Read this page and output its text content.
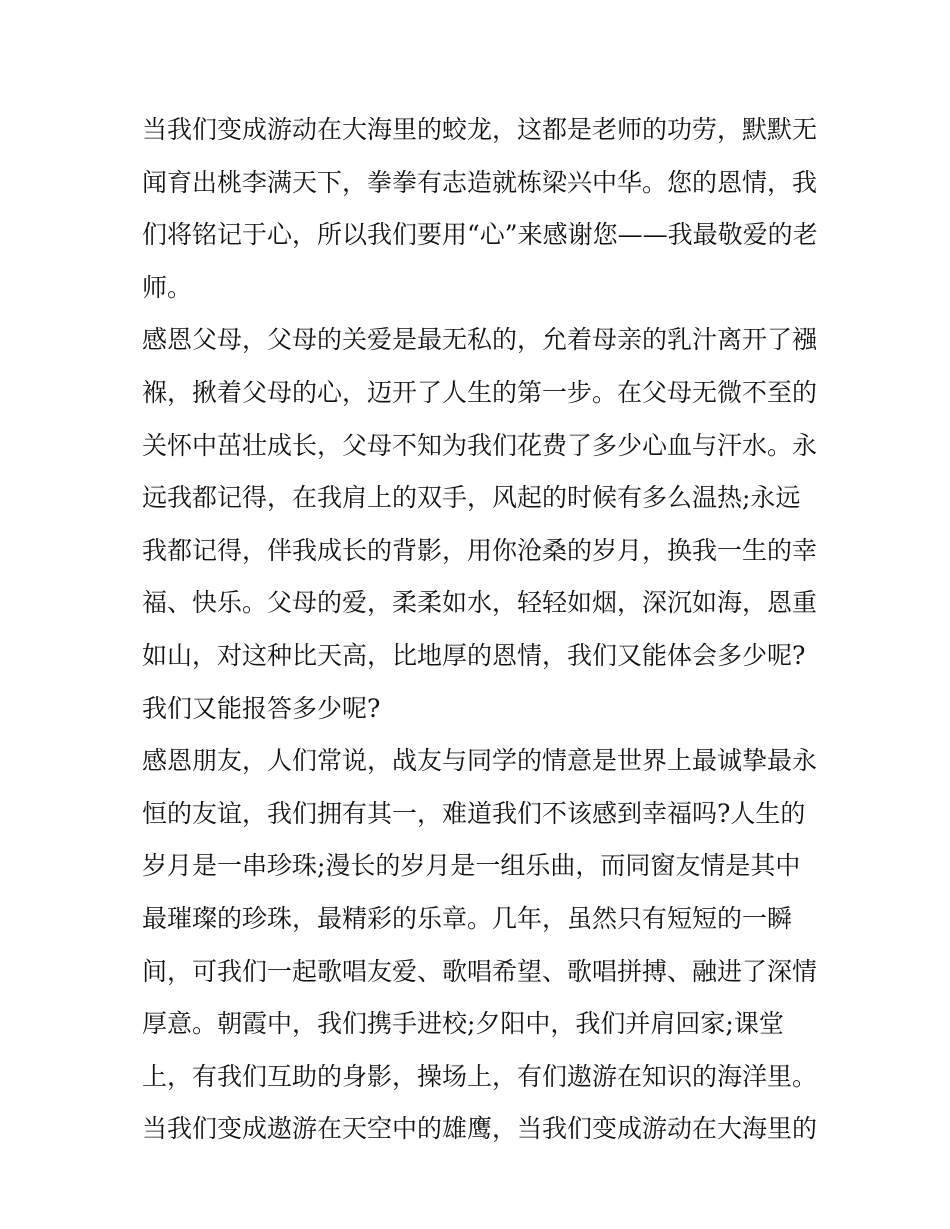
当我们变成游动在大海里的蛟龙，这都是老师的功劳，默默无
闻育出桃李满天下，拳拳有志造就栋梁兴中华。您的恩情，我
们将铭记于心，所以我们要用“心”来感谢您——我最敬爱的老
师。
感恩父母，父母的关爱是最无私的，允着母亲的乳汁离开了襁
褓，揪着父母的心，迈开了人生的第一步。在父母无微不至的
关怀中茁壮成长，父母不知为我们花费了多少心血与汗水。永
远我都记得，在我肩上的双手，风起的时候有多么温热;永远
我都记得，伴我成长的背影，用你沧桑的岁月，换我一生的幸
福、快乐。父母的爱，柔柔如水，轻轻如烟，深沉如海，恩重
如山，对这种比天高，比地厚的恩情，我们又能体会多少呢?
我们又能报答多少呢?
感恩朋友，人们常说，战友与同学的情意是世界上最诚挚最永
恒的友谊，我们拥有其一，难道我们不该感到幸福吗?人生的
岁月是一串珍珠;漫长的岁月是一组乐曲，而同窗友情是其中
最璀璨的珍珠，最精彩的乐章。几年，虽然只有短短的一瞬
间，可我们一起歌唱友爱、歌唱希望、歌唱拼搏、融进了深情
厚意。朝霞中，我们携手进校;夕阳中，我们并肩回家;课堂
上，有我们互助的身影，操场上，有们遨游在知识的海洋里。
当我们变成遨游在天空中的雄鹰，当我们变成游动在大海里的
